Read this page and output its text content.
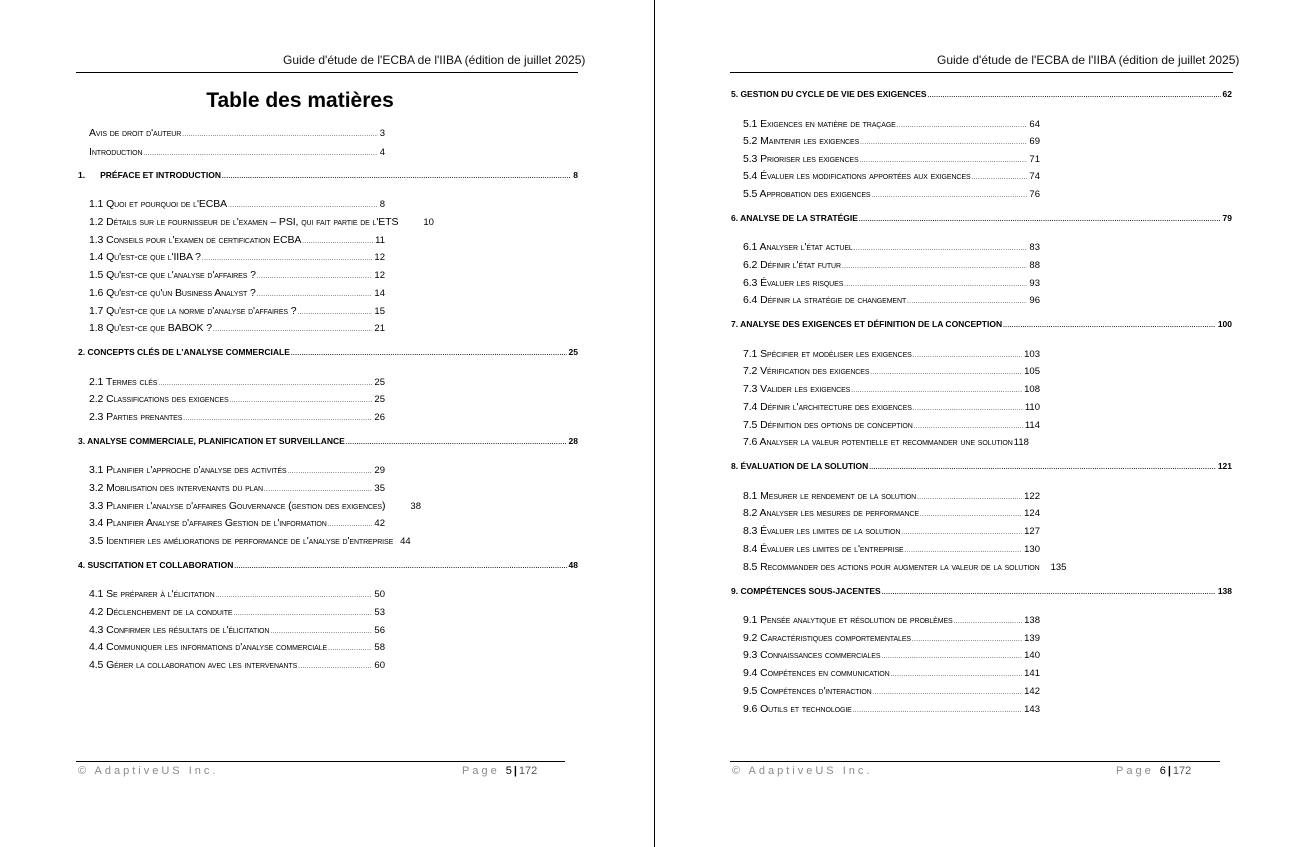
Guide d'étude de l'ECBA de l'IIBA (édition de juillet 2025)
Table des matières
Avis de droit d'auteur .....	3
Introduction .....	4
1. PRÉFACE ET INTRODUCTION .....	8
1.1 Quoi et pourquoi de l'ECBA .....	8
1.2 Détails sur le fournisseur de l'examen – PSI, qui fait partie de l'ETS	10
1.3 Conseils pour l'examen de certification ECBA .....	11
1.4 Qu'est-ce que l'IIBA ? .....	12
1.5 Qu'est-ce que l'analyse d'affaires ? .....	12
1.6 Qu'est-ce qu'un Business Analyst ? .....	14
1.7 Qu'est-ce que la norme d'analyse d'affaires ? .....	15
1.8 Qu'est-ce que BABOK ? .....	21
2. CONCEPTS CLÉS DE L'ANALYSE COMMERCIALE .....	25
2.1 Termes clés .....	25
2.2 Classifications des exigences .....	25
2.3 Parties prenantes .....	26
3. ANALYSE COMMERCIALE, PLANIFICATION ET SURVEILLANCE .....	28
3.1 Planifier l'approche d'analyse des activités .....	29
3.2 Mobilisation des intervenants du plan .....	35
3.3 Planifier l'analyse d'affaires Gouvernance (gestion des exigences)	38
3.4 Planifier Analyse d'affaires Gestion de l'information .....	42
3.5 Identifier les améliorations de performance de l'analyse d'entreprise 44
4. SUSCITATION ET COLLABORATION .....	48
4.1 Se préparer à l'élicitation .....	50
4.2 Déclenchement de la conduite .....	53
4.3 Confirmer les résultats de l'élicitation .....	56
4.4 Communiquer les informations d'analyse commerciale .....	58
4.5 Gérer la collaboration avec les intervenants .....	60
© AdaptiveUS Inc.	Page 5 | 172
Guide d'étude de l'ECBA de l'IIBA (édition de juillet 2025)
5. GESTION DU CYCLE DE VIE DES EXIGENCES .....	62
5.1 Exigences en matière de traçage .....	64
5.2 Maintenir les exigences .....	69
5.3 Prioriser les exigences .....	71
5.4 Évaluer les modifications apportées aux exigences .....	74
5.5 Approbation des exigences .....	76
6. ANALYSE DE LA STRATÉGIE .....	79
6.1 Analyser l'état actuel .....	83
6.2 Définir l'état futur .....	88
6.3 Évaluer les risques .....	93
6.4 Définir la stratégie de changement .....	96
7. ANALYSE DES EXIGENCES ET DÉFINITION DE LA CONCEPTION .....	100
7.1 Spécifier et modéliser les exigences .....	103
7.2 Vérification des exigences .....	105
7.3 Valider les exigences .....	108
7.4 Définir l'architecture des exigences .....	110
7.5 Définition des options de conception .....	114
7.6 Analyser la valeur potentielle et recommander une solution 118
8. ÉVALUATION DE LA SOLUTION .....	121
8.1 Mesurer le rendement de la solution .....	122
8.2 Analyser les mesures de performance .....	124
8.3 Évaluer les limites de la solution .....	127
8.4 Évaluer les limites de l'entreprise .....	130
8.5 Recommander des actions pour augmenter la valeur de la solution 135
9. COMPÉTENCES SOUS-JACENTES .....	138
9.1 Pensée analytique et résolution de problèmes .....	138
9.2 Caractéristiques comportementales .....	139
9.3 Connaissances commerciales .....	140
9.4 Compétences en communication .....	141
9.5 Compétences d'interaction .....	142
9.6 Outils et technologie .....	143
© AdaptiveUS Inc.	Page 6 | 172
